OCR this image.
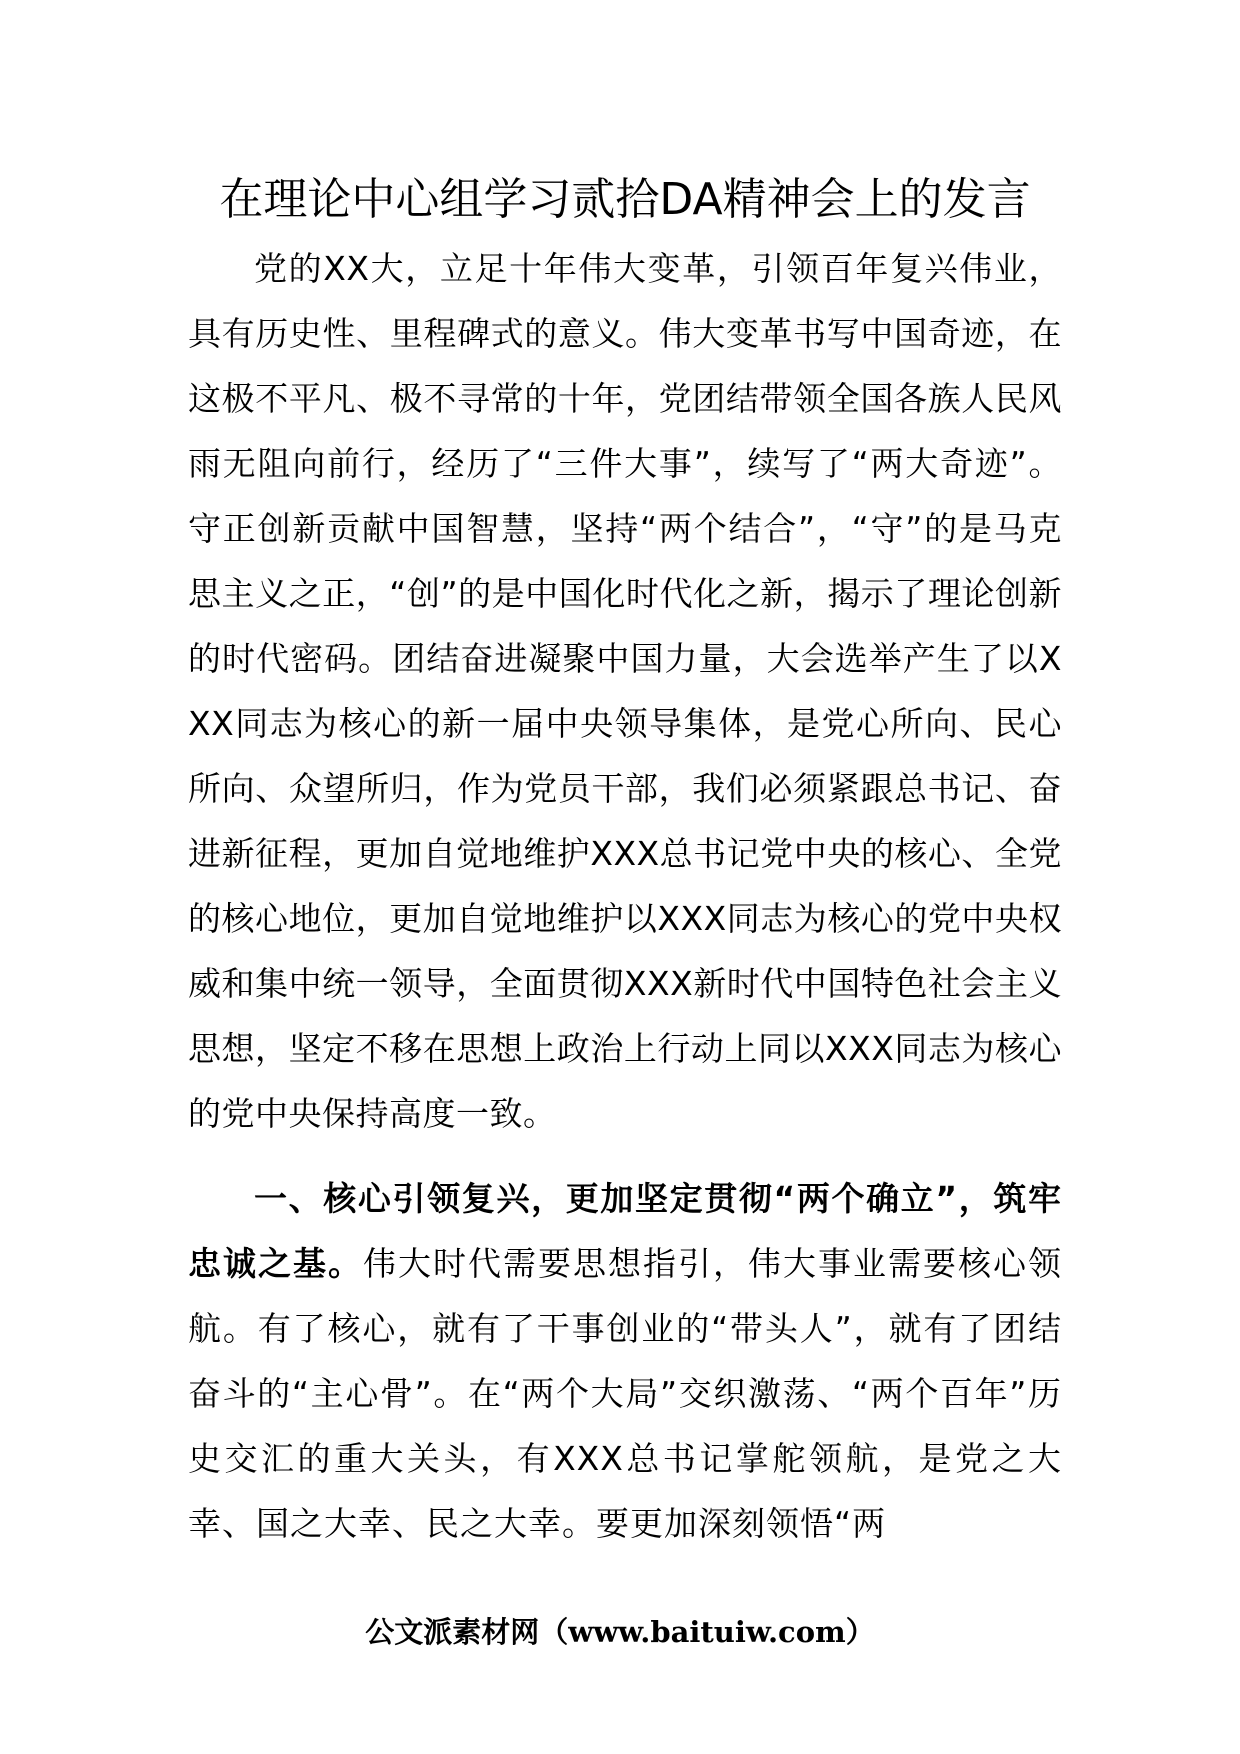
在理论中心组学习贰拾DA精神会上的发言

党的XX大，立足十年伟大变革，引领百年复兴伟业，具有历史性、里程碑式的意义。伟大变革书写中国奇迹，在这极不平凡、极不寻常的十年，党团结带领全国各族人民风雨无阻向前行，经历了“三件大事”，续写了“两大奇迹”。守正创新贡献中国智慧，坚持“两个结合”，“守”的是马克思主义之正，“创”的是中国化时代化之新，揭示了理论创新的时代密码。团结奋进凝聚中国力量，大会选举产生了以XXX同志为核心的新一届中央领导集体，是党心所向、民心所向、众望所归，作为党员干部，我们必须紧跟总书记、奋进新征程，更加自觉地维护XXX总书记党中央的核心、全党的核心地位，更加自觉地维护以XXX同志为核心的党中央权威和集中统一领导，全面贯彻XXX新时代中国特色社会主义思想，坚定不移在思想上政治上行动上同以XXX同志为核心的党中央保持高度一致。

一、核心引领复兴，更加坚定贯彻“两个确立”，筑牢忠诚之基。伟大时代需要思想指引，伟大事业需要核心领航。有了核心，就有了干事创业的“带头人”，就有了团结奋斗的“主心骨”。在“两个大局”交织激荡、“两个百年”历史交汇的重大关头，有XXX总书记掌舵领航，是党之大幸、国之大幸、民之大幸。要更加深刻领悟“两

公文派素材网（www.baituiw.com）
